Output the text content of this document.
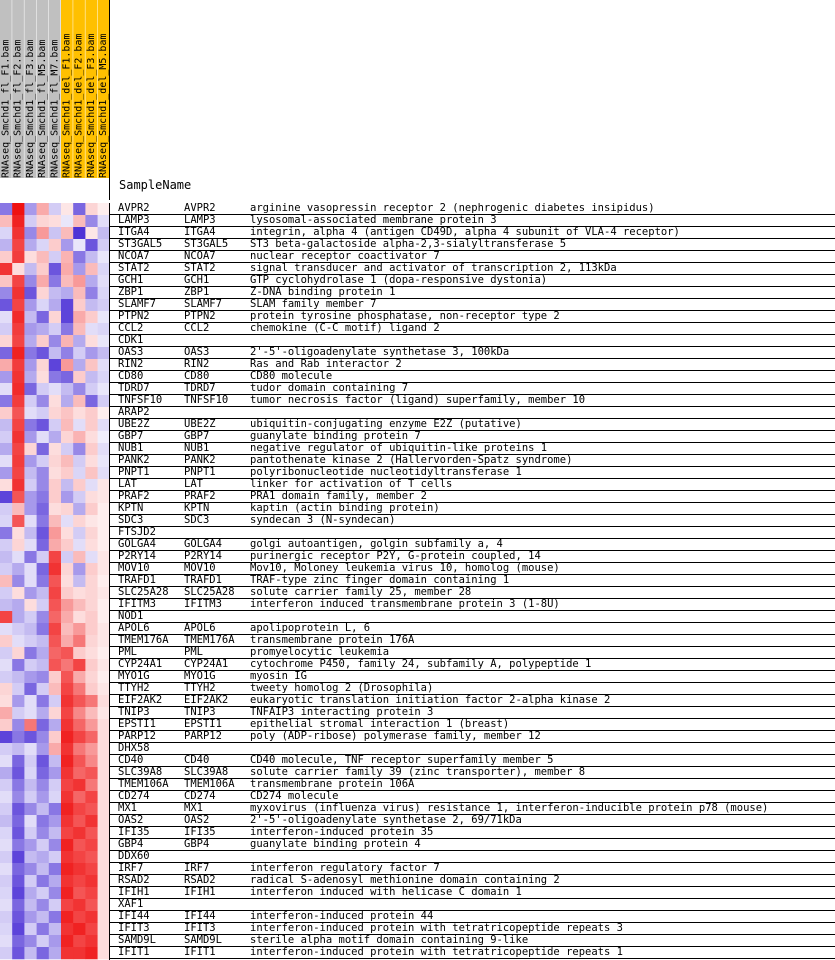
RNAseq_Smchd1_fl_F1.bam RNAseq_Smchd1_fl_F2.bam RNAseq_Smchd1_fl_F3.bam RNAseq_Smchd1_fl_M5.bam RNAseq_Smchd1_fl_M7.bam RNAseq_Smchd1_del_F1.bam RNAseq_Smchd1_del_F2.bam RNAseq_Smchd1_del_F3.bam RNAseq_Smchd1_del_M5.bam
SampleName
AVPR2	AVPR2	arginine vasopressin receptor 2 (nephrogenic diabetes insipidus)
LAMP3	LAMP3	lysosomal-associated membrane protein 3
ITGA4	ITGA4	integrin, alpha 4 (antigen CD49D, alpha 4 subunit of VLA-4 receptor)
ST3GAL5 ST3GAL5 ST3 beta-galactoside alpha-2,3-sialyltransferase 5
NCOA7	NCOA7	nuclear receptor coactivator 7
STAT2	STAT2	signal transducer and activator of transcription 2, 113kDa
GCH1	GCH1	GTP cyclohydrolase 1 (dopa-responsive dystonia)
ZBP1	ZBP1	Z-DNA binding protein 1
SLAMF7	SLAMF7	SLAM family member 7
PTPN2	PTPN2	protein tyrosine phosphatase, non-receptor type 2
CCL2	CCL2	chemokine (C-C motif) ligand 2
CDK1
OAS3	OAS3	2'-5'-oligoadenylate synthetase 3, 100kDa
RIN2	RIN2	Ras and Rab interactor 2
CD80	CD80	CD80 molecule
TDRD7	TDRD7	tudor domain containing 7
TNFSF10 TNFSF10 tumor necrosis factor (ligand) superfamily, member 10
ARAP2
UBE2Z	UBE2Z	ubiquitin-conjugating enzyme E2Z (putative)
GBP7	GBP7	guanylate binding protein 7
NUB1	NUB1	negative regulator of ubiquitin-like proteins 1
PANK2	PANK2	pantothenate kinase 2 (Hallervorden-Spatz syndrome)
PNPT1	PNPT1	polyribonucleotide nucleotidyltransferase 1
LAT	LAT	linker for activation of T cells
PRAF2	PRAF2	PRA1 domain family, member 2
KPTN	KPTN	kaptin (actin binding protein)
SDC3	SDC3	syndecan 3 (N-syndecan)
FTSJD2
GOLGA4	GOLGA4	golgi autoantigen, golgin subfamily a, 4
P2RY14	P2RY14	purinergic receptor P2Y, G-protein coupled, 14
MOV10	MOV10	Mov10, Moloney leukemia virus 10, homolog (mouse)
TRAFD1	TRAFD1	TRAF-type zinc finger domain containing 1
SLC25A28 SLC25A28 solute carrier family 25, member 28
IFITM3	IFITM3	interferon induced transmembrane protein 3 (1-8U)
NOD1
APOL6	APOL6	apolipoprotein L, 6
TMEM176A TMEM176A transmembrane protein 176A
PML	PML	promyelocytic leukemia
CYP24A1 CYP24A1 cytochrome P450, family 24, subfamily A, polypeptide 1
MYO1G	MYO1G	myosin IG
TTYH2	TTYH2	tweety homolog 2 (Drosophila)
EIF2AK2 EIF2AK2 eukaryotic translation initiation factor 2-alpha kinase 2
TNIP3	TNIP3	TNFAIP3 interacting protein 3
EPSTI1	EPSTI1	epithelial stromal interaction 1 (breast)
PARP12	PARP12	poly (ADP-ribose) polymerase family, member 12
DHX58
CD40	CD40	CD40 molecule, TNF receptor superfamily member 5
SLC39A8 SLC39A8 solute carrier family 39 (zinc transporter), member 8
TMEM106A TMEM106A transmembrane protein 106A
CD274	CD274	CD274 molecule
MX1	MX1	myxovirus (influenza virus) resistance 1, interferon-inducible protein p78 (mouse)
OAS2	OAS2	2'-5'-oligoadenylate synthetase 2, 69/71kDa
IFI35	IFI35	interferon-induced protein 35
GBP4	GBP4	guanylate binding protein 4
DDX60
IRF7	IRF7	interferon regulatory factor 7
RSAD2	RSAD2	radical S-adenosyl methionine domain containing 2
IFIH1	IFIH1	interferon induced with helicase C domain 1
XAF1
IFI44	IFI44	interferon-induced protein 44
IFIT3	IFIT3	interferon-induced protein with tetratricopeptide repeats 3
SAMD9L	SAMD9L	sterile alpha motif domain containing 9-like
IFIT1	IFIT1	interferon-induced protein with tetratricopeptide repeats 1
